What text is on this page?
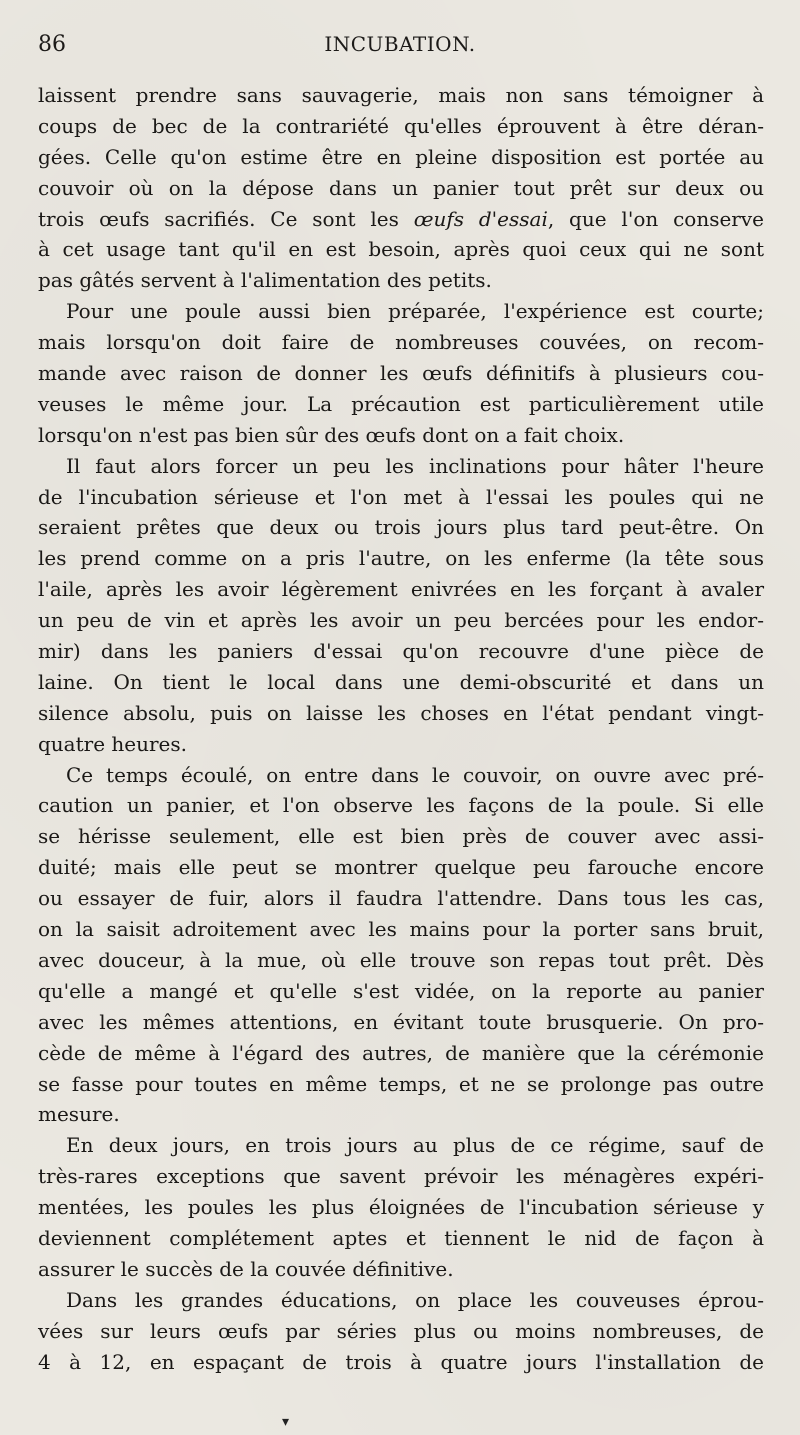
86	INCUBATION.
laissent prendre sans sauvagerie, mais non sans témoigner à
coups de bec de la contrariété qu'elles éprouvent à être déran-
gées. Celle qu'on estime être en pleine disposition est portée au
couvoir où on la dépose dans un panier tout prêt sur deux ou
trois œufs sacrifiés. Ce sont les œufs d'essai, que l'on conserve
à cet usage tant qu'il en est besoin, après quoi ceux qui ne sont
pas gâtés servent à l'alimentation des petits.
Pour une poule aussi bien préparée, l'expérience est courte;
mais lorsqu'on doit faire de nombreuses couvées, on recom-
mande avec raison de donner les œufs définitifs à plusieurs cou-
veuses le même jour. La précaution est particulièrement utile
lorsqu'on n'est pas bien sûr des œufs dont on a fait choix.
Il faut alors forcer un peu les inclinations pour hâter l'heure
de l'incubation sérieuse et l'on met à l'essai les poules qui ne
seraient prêtes que deux ou trois jours plus tard peut-être. On
les prend comme on a pris l'autre, on les enferme (la tête sous
l'aile, après les avoir légèrement enivrées en les forçant à avaler
un peu de vin et après les avoir un peu bercées pour les endor-
mir) dans les paniers d'essai qu'on recouvre d'une pièce de
laine. On tient le local dans une demi-obscurité et dans un
silence absolu, puis on laisse les choses en l'état pendant vingt-
quatre heures.
Ce temps écoulé, on entre dans le couvoir, on ouvre avec pré-
caution un panier, et l'on observe les façons de la poule. Si elle
se hérisse seulement, elle est bien près de couver avec assi-
duité; mais elle peut se montrer quelque peu farouche encore
ou essayer de fuir, alors il faudra l'attendre. Dans tous les cas,
on la saisit adroitement avec les mains pour la porter sans bruit,
avec douceur, à la mue, où elle trouve son repas tout prêt. Dès
qu'elle a mangé et qu'elle s'est vidée, on la reporte au panier
avec les mêmes attentions, en évitant toute brusquerie. On pro-
cède de même à l'égard des autres, de manière que la cérémonie
se fasse pour toutes en même temps, et ne se prolonge pas outre
mesure.
En deux jours, en trois jours au plus de ce régime, sauf de
très-rares exceptions que savent prévoir les ménagères expéri-
mentées, les poules les plus éloignées de l'incubation sérieuse y
deviennent complétement aptes et tiennent le nid de façon à
assurer le succès de la couvée définitive.
Dans les grandes éducations, on place les couveuses éprou-
vées sur leurs œufs par séries plus ou moins nombreuses, de
4 à 12, en espaçant de trois à quatre jours l'installation de
▾
